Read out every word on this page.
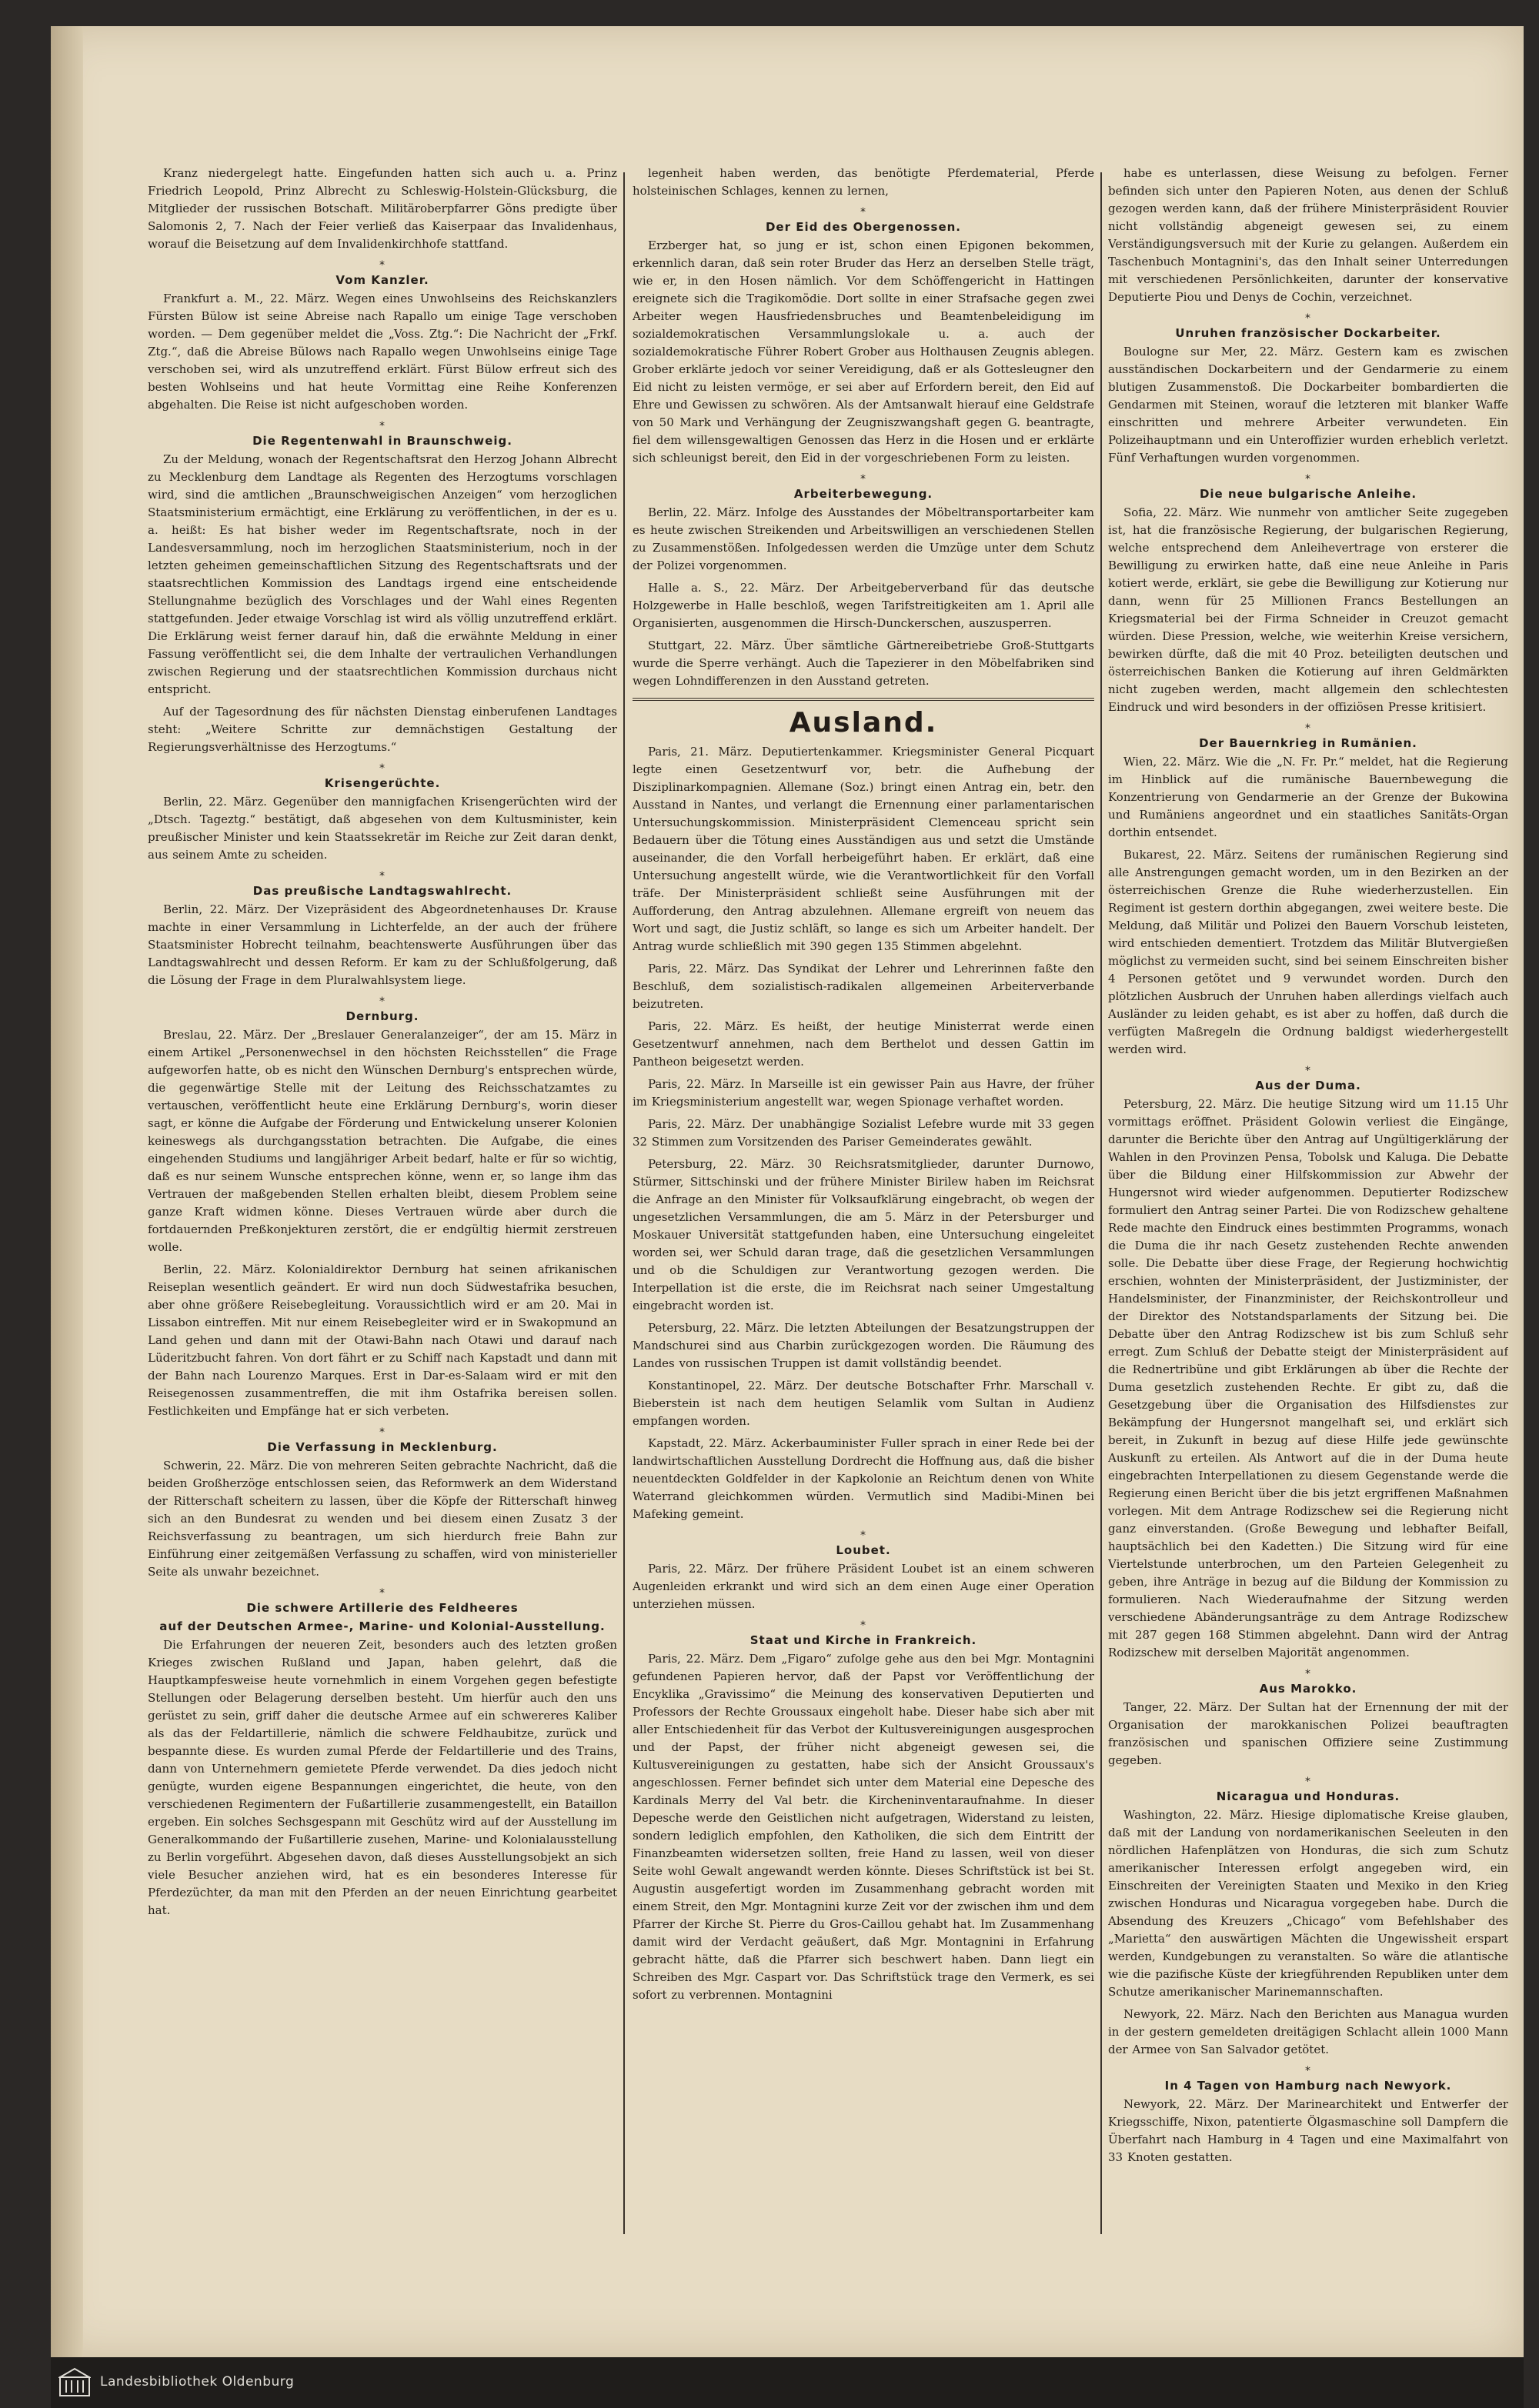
Kranz niedergelegt hatte. Eingefunden hatten sich auch u. a. Prinz Friedrich Leopold, Prinz Albrecht zu Schleswig-Holstein-Glücksburg, die Mitglieder der russischen Botschaft. Militäroberpfarrer Göns predigte über Salomonis 2, 7. Nach der Feier verließ das Kaiserpaar das Invalidenhaus, worauf die Beisetzung auf dem Invalidenkirchhofe stattfand.

*
Vom Kanzler.

Frankfurt a. M., 22. März. Wegen eines Unwohlseins des Reichskanzlers Fürsten Bülow ist seine Abreise nach Rapallo um einige Tage verschoben worden. — Dem gegenüber meldet die „Voss. Ztg.“: Die Nachricht der „Frkf. Ztg.“, daß die Abreise Bülows nach Rapallo wegen Unwohlseins einige Tage verschoben sei, wird als unzutreffend erklärt. Fürst Bülow erfreut sich des besten Wohlseins und hat heute Vormittag eine Reihe Konferenzen abgehalten. Die Reise ist nicht aufgeschoben worden.

*
Die Regentenwahl in Braunschweig.

Zu der Meldung, wonach der Regentschaftsrat den Herzog Johann Albrecht zu Mecklenburg dem Landtage als Regenten des Herzogtums vorschlagen wird, sind die amtlichen „Braunschweigischen Anzeigen“ vom herzoglichen Staatsministerium ermächtigt, eine Erklärung zu veröffentlichen, in der es u. a. heißt: Es hat bisher weder im Regentschaftsrate, noch in der Landesversammlung, noch im herzoglichen Staatsministerium, noch in der letzten geheimen gemeinschaftlichen Sitzung des Regentschaftsrats und der staatsrechtlichen Kommission des Landtags irgend eine entscheidende Stellungnahme bezüglich des Vorschlages und der Wahl eines Regenten stattgefunden. Jeder etwaige Vorschlag ist wird als völlig unzutreffend erklärt. Die Erklärung weist ferner darauf hin, daß die erwähnte Meldung in einer Fassung veröffentlicht sei, die dem Inhalte der vertraulichen Verhandlungen zwischen Regierung und der staatsrechtlichen Kommission durchaus nicht entspricht.

Auf der Tagesordnung des für nächsten Dienstag einberufenen Landtages steht: „Weitere Schritte zur demnächstigen Gestaltung der Regierungsverhältnisse des Herzogtums.“

*
Krisengerüchte.

Berlin, 22. März. Gegenüber den mannigfachen Krisengerüchten wird der „Dtsch. Tageztg.“ bestätigt, daß abgesehen von dem Kultusminister, kein preußischer Minister und kein Staatssekretär im Reiche zur Zeit daran denkt, aus seinem Amte zu scheiden.

*
Das preußische Landtagswahlrecht.

Berlin, 22. März. Der Vizepräsident des Abgeordnetenhauses Dr. Krause machte in einer Versammlung in Lichterfelde, an der auch der frühere Staatsminister Hobrecht teilnahm, beachtenswerte Ausführungen über das Landtagswahlrecht und dessen Reform. Er kam zu der Schlußfolgerung, daß die Lösung der Frage in dem Pluralwahlsystem liege.

*
Dernburg.

Breslau, 22. März. Der „Breslauer Generalanzeiger“, der am 15. März in einem Artikel „Personenwechsel in den höchsten Reichsstellen“ die Frage aufgeworfen hatte, ob es nicht den Wünschen Dernburg's entsprechen würde, die gegenwärtige Stelle mit der Leitung des Reichsschatzamtes zu vertauschen, veröffentlicht heute eine Erklärung Dernburg's, worin dieser sagt, er könne die Aufgabe der Förderung und Entwickelung unserer Kolonien keineswegs als durchgangsstation betrachten. Die Aufgabe, die eines eingehenden Studiums und langjähriger Arbeit bedarf, halte er für so wichtig, daß es nur seinem Wunsche entsprechen könne, wenn er, so lange ihm das Vertrauen der maßgebenden Stellen erhalten bleibt, diesem Problem seine ganze Kraft widmen könne. Dieses Vertrauen würde aber durch die fortdauernden Preßkonjekturen zerstört, die er endgültig hiermit zerstreuen wolle.

Berlin, 22. März. Kolonialdirektor Dernburg hat seinen afrikanischen Reiseplan wesentlich geändert. Er wird nun doch Südwestafrika besuchen, aber ohne größere Reisebegleitung. Voraussichtlich wird er am 20. Mai in Lissabon eintreffen. Mit nur einem Reisebegleiter wird er in Swakopmund an Land gehen und dann mit der Otawi-Bahn nach Otawi und darauf nach Lüderitzbucht fahren. Von dort fährt er zu Schiff nach Kapstadt und dann mit der Bahn nach Lourenzo Marques. Erst in Dar-es-Salaam wird er mit den Reisegenossen zusammentreffen, die mit ihm Ostafrika bereisen sollen. Festlichkeiten und Empfänge hat er sich verbeten.

*
Die Verfassung in Mecklenburg.

Schwerin, 22. März. Die von mehreren Seiten gebrachte Nachricht, daß die beiden Großherzöge entschlossen seien, das Reformwerk an dem Widerstand der Ritterschaft scheitern zu lassen, über die Köpfe der Ritterschaft hinweg sich an den Bundesrat zu wenden und bei diesem einen Zusatz 3 der Reichsverfassung zu beantragen, um sich hierdurch freie Bahn zur Einführung einer zeitgemäßen Verfassung zu schaffen, wird von ministerieller Seite als unwahr bezeichnet.

*
Die schwere Artillerie des Feldheeres
auf der Deutschen Armee-, Marine- und Kolonial-Ausstellung.

Die Erfahrungen der neueren Zeit, besonders auch des letzten großen Krieges zwischen Rußland und Japan, haben gelehrt, daß die Hauptkampfesweise heute vornehmlich in einem Vorgehen gegen befestigte Stellungen oder Belagerung derselben besteht. Um hierfür auch den uns gerüstet zu sein, griff daher die deutsche Armee auf ein schwereres Kaliber als das der Feldartillerie, nämlich die schwere Feldhaubitze, zurück und bespannte diese. Es wurden zumal Pferde der Feldartillerie und des Trains, dann von Unternehmern gemietete Pferde verwendet. Da dies jedoch nicht genügte, wurden eigene Bespannungen eingerichtet, die heute, von den verschiedenen Regimentern der Fußartillerie zusammengestellt, ein Bataillon ergeben. Ein solches Sechsgespann mit Geschütz wird auf der Ausstellung im Generalkommando der Fußartillerie zusehen, Marine- und Kolonialausstellung zu Berlin vorgeführt. Abgesehen davon, daß dieses Ausstellungsobjekt an sich viele Besucher anziehen wird, hat es ein besonderes Interesse für Pferdezüchter, da man mit den Pferden an der neuen Einrichtung gearbeitet hat.

legenheit haben werden, das benötigte Pferdematerial, Pferde holsteinischen Schlages, kennen zu lernen,

*
Der Eid des Obergenossen.

Erzberger hat, so jung er ist, schon einen Epigonen bekommen, erkennlich daran, daß sein roter Bruder das Herz an derselben Stelle trägt, wie er, in den Hosen nämlich. Vor dem Schöffengericht in Hattingen ereignete sich die Tragikomödie. Dort sollte in einer Strafsache gegen zwei Arbeiter wegen Hausfriedensbruches und Beamtenbeleidigung im sozialdemokratischen Versammlungslokale u. a. auch der sozialdemokratische Führer Robert Grober aus Holthausen Zeugnis ablegen. Grober erklärte jedoch vor seiner Vereidigung, daß er als Gottesleugner den Eid nicht zu leisten vermöge, er sei aber auf Erfordern bereit, den Eid auf Ehre und Gewissen zu schwören. Als der Amtsanwalt hierauf eine Geldstrafe von 50 Mark und Verhängung der Zeugniszwangshaft gegen G. beantragte, fiel dem willensgewaltigen Genossen das Herz in die Hosen und er erklärte sich schleunigst bereit, den Eid in der vorgeschriebenen Form zu leisten.

*
Arbeiterbewegung.

Berlin, 22. März. Infolge des Ausstandes der Möbeltransportarbeiter kam es heute zwischen Streikenden und Arbeitswilligen an verschiedenen Stellen zu Zusammenstößen. Infolgedessen werden die Umzüge unter dem Schutz der Polizei vorgenommen.

Halle a. S., 22. März. Der Arbeitgeberverband für das deutsche Holzgewerbe in Halle beschloß, wegen Tarifstreitigkeiten am 1. April alle Organisierten, ausgenommen die Hirsch-Dunckerschen, auszusperren.

Stuttgart, 22. März. Über sämtliche Gärtnereibetriebe Groß-Stuttgarts wurde die Sperre verhängt. Auch die Tapezierer in den Möbelfabriken sind wegen Lohndifferenzen in den Ausstand getreten.

Ausland.

Paris, 21. März. Deputiertenkammer. Kriegsminister General Picquart legte einen Gesetzentwurf vor, betr. die Aufhebung der Disziplinarkompagnien. Allemane (Soz.) bringt einen Antrag ein, betr. den Ausstand in Nantes, und verlangt die Ernennung einer parlamentarischen Untersuchungskommission. Ministerpräsident Clemenceau spricht sein Bedauern über die Tötung eines Ausständigen aus und setzt die Umstände auseinander, die den Vorfall herbeigeführt haben. Er erklärt, daß eine Untersuchung angestellt würde, wie die Verantwortlichkeit für den Vorfall träfe. Der Ministerpräsident schließt seine Ausführungen mit der Aufforderung, den Antrag abzulehnen. Allemane ergreift von neuem das Wort und sagt, die Justiz schläft, so lange es sich um Arbeiter handelt. Der Antrag wurde schließlich mit 390 gegen 135 Stimmen abgelehnt.

Paris, 22. März. Das Syndikat der Lehrer und Lehrerinnen faßte den Beschluß, dem sozialistisch-radikalen allgemeinen Arbeiterverbande beizutreten.

Paris, 22. März. Es heißt, der heutige Ministerrat werde einen Gesetzentwurf annehmen, nach dem Berthelot und dessen Gattin im Pantheon beigesetzt werden.

Paris, 22. März. In Marseille ist ein gewisser Pain aus Havre, der früher im Kriegsministerium angestellt war, wegen Spionage verhaftet worden.

Paris, 22. März. Der unabhängige Sozialist Lefebre wurde mit 33 gegen 32 Stimmen zum Vorsitzenden des Pariser Gemeinderates gewählt.

Petersburg, 22. März. 30 Reichsratsmitglieder, darunter Durnowo, Stürmer, Sittschinski und der frühere Minister Birilew haben im Reichsrat die Anfrage an den Minister für Volksaufklärung eingebracht, ob wegen der ungesetzlichen Versammlungen, die am 5. März in der Petersburger und Moskauer Universität stattgefunden haben, eine Untersuchung eingeleitet worden sei, wer Schuld daran trage, daß die gesetzlichen Versammlungen und ob die Schuldigen zur Verantwortung gezogen werden. Die Interpellation ist die erste, die im Reichsrat nach seiner Umgestaltung eingebracht worden ist.

Petersburg, 22. März. Die letzten Abteilungen der Besatzungstruppen der Mandschurei sind aus Charbin zurückgezogen worden. Die Räumung des Landes von russischen Truppen ist damit vollständig beendet.

Konstantinopel, 22. März. Der deutsche Botschafter Frhr. Marschall v. Bieberstein ist nach dem heutigen Selamlik vom Sultan in Audienz empfangen worden.

Kapstadt, 22. März. Ackerbauminister Fuller sprach in einer Rede bei der landwirtschaftlichen Ausstellung Dordrecht die Hoffnung aus, daß die bisher neuentdeckten Goldfelder in der Kapkolonie an Reichtum denen von White Waterrand gleichkommen würden. Vermutlich sind Madibi-Minen bei Mafeking gemeint.

*
Loubet.

Paris, 22. März. Der frühere Präsident Loubet ist an einem schweren Augenleiden erkrankt und wird sich an dem einen Auge einer Operation unterziehen müssen.

*
Staat und Kirche in Frankreich.

Paris, 22. März. Dem „Figaro“ zufolge gehe aus den bei Mgr. Montagnini gefundenen Papieren hervor, daß der Papst vor Veröffentlichung der Encyklika „Gravissimo“ die Meinung des konservativen Deputierten und Professors der Rechte Groussaux eingeholt habe. Dieser habe sich aber mit aller Entschiedenheit für das Verbot der Kultusvereinigungen ausgesprochen und der Papst, der früher nicht abgeneigt gewesen sei, die Kultusvereinigungen zu gestatten, habe sich der Ansicht Groussaux's angeschlossen. Ferner befindet sich unter dem Material eine Depesche des Kardinals Merry del Val betr. die Kircheninventaraufnahme. In dieser Depesche werde den Geistlichen nicht aufgetragen, Widerstand zu leisten, sondern lediglich empfohlen, den Katholiken, die sich dem Eintritt der Finanzbeamten widersetzen sollten, freie Hand zu lassen, weil von dieser Seite wohl Gewalt angewandt werden könnte. Dieses Schriftstück ist bei St. Augustin ausgefertigt worden im Zusammenhang gebracht worden mit einem Streit, den Mgr. Montagnini kurze Zeit vor der zwischen ihm und dem Pfarrer der Kirche St. Pierre du Gros-Caillou gehabt hat. Im Zusammenhang damit wird der Verdacht geäußert, daß Mgr. Montagnini in Erfahrung gebracht hätte, daß die Pfarrer sich beschwert haben. Dann liegt ein Schreiben des Mgr. Caspart vor. Das Schriftstück trage den Vermerk, es sei sofort zu verbrennen. Montagnini

habe es unterlassen, diese Weisung zu befolgen. Ferner befinden sich unter den Papieren Noten, aus denen der Schluß gezogen werden kann, daß der frühere Ministerpräsident Rouvier nicht vollständig abgeneigt gewesen sei, zu einem Verständigungsversuch mit der Kurie zu gelangen. Außerdem ein Taschenbuch Montagnini's, das den Inhalt seiner Unterredungen mit verschiedenen Persönlichkeiten, darunter der konservative Deputierte Piou und Denys de Cochin, verzeichnet.

*
Unruhen französischer Dockarbeiter.

Boulogne sur Mer, 22. März. Gestern kam es zwischen ausständischen Dockarbeitern und der Gendarmerie zu einem blutigen Zusammenstoß. Die Dockarbeiter bombardierten die Gendarmen mit Steinen, worauf die letzteren mit blanker Waffe einschritten und mehrere Arbeiter verwundeten. Ein Polizeihauptmann und ein Unteroffizier wurden erheblich verletzt. Fünf Verhaftungen wurden vorgenommen.

*
Die neue bulgarische Anleihe.

Sofia, 22. März. Wie nunmehr von amtlicher Seite zugegeben ist, hat die französische Regierung, der bulgarischen Regierung, welche entsprechend dem Anleihevertrage von ersterer die Bewilligung zu erwirken hatte, daß eine neue Anleihe in Paris kotiert werde, erklärt, sie gebe die Bewilligung zur Kotierung nur dann, wenn für 25 Millionen Francs Bestellungen an Kriegsmaterial bei der Firma Schneider in Creuzot gemacht würden. Diese Pression, welche, wie weiterhin Kreise versichern, bewirken dürfte, daß die mit 40 Proz. beteiligten deutschen und österreichischen Banken die Kotierung auf ihren Geldmärkten nicht zugeben werden, macht allgemein den schlechtesten Eindruck und wird besonders in der offiziösen Presse kritisiert.

*
Der Bauernkrieg in Rumänien.

Wien, 22. März. Wie die „N. Fr. Pr.“ meldet, hat die Regierung im Hinblick auf die rumänische Bauernbewegung die Konzentrierung von Gendarmerie an der Grenze der Bukowina und Rumäniens angeordnet und ein staatliches Sanitäts-Organ dorthin entsendet.

Bukarest, 22. März. Seitens der rumänischen Regierung sind alle Anstrengungen gemacht worden, um in den Bezirken an der österreichischen Grenze die Ruhe wiederherzustellen. Ein Regiment ist gestern dorthin abgegangen, zwei weitere beste. Die Meldung, daß Militär und Polizei den Bauern Vorschub leisteten, wird entschieden dementiert. Trotzdem das Militär Blutvergießen möglichst zu vermeiden sucht, sind bei seinem Einschreiten bisher 4 Personen getötet und 9 verwundet worden. Durch den plötzlichen Ausbruch der Unruhen haben allerdings vielfach auch Ausländer zu leiden gehabt, es ist aber zu hoffen, daß durch die verfügten Maßregeln die Ordnung baldigst wiederhergestellt werden wird.

*
Aus der Duma.

Petersburg, 22. März. Die heutige Sitzung wird um 11.15 Uhr vormittags eröffnet. Präsident Golowin verliest die Eingänge, darunter die Berichte über den Antrag auf Ungültigerklärung der Wahlen in den Provinzen Pensa, Tobolsk und Kaluga. Die Debatte über die Bildung einer Hilfskommission zur Abwehr der Hungersnot wird wieder aufgenommen. Deputierter Rodizschew formuliert den Antrag seiner Partei. Die von Rodizschew gehaltene Rede machte den Eindruck eines bestimmten Programms, wonach die Duma die ihr nach Gesetz zustehenden Rechte anwenden solle. Die Debatte über diese Frage, der Regierung hochwichtig erschien, wohnten der Ministerpräsident, der Justizminister, der Handelsminister, der Finanzminister, der Reichskontrolleur und der Direktor des Notstandsparlaments der Sitzung bei. Die Debatte über den Antrag Rodizschew ist bis zum Schluß sehr erregt. Zum Schluß der Debatte steigt der Ministerpräsident auf die Rednertribüne und gibt Erklärungen ab über die Rechte der Duma gesetzlich zustehenden Rechte. Er gibt zu, daß die Gesetzgebung über die Organisation des Hilfsdienstes zur Bekämpfung der Hungersnot mangelhaft sei, und erklärt sich bereit, in Zukunft in bezug auf diese Hilfe jede gewünschte Auskunft zu erteilen. Als Antwort auf die in der Duma heute eingebrachten Interpellationen zu diesem Gegenstande werde die Regierung einen Bericht über die bis jetzt ergriffenen Maßnahmen vorlegen. Mit dem Antrage Rodizschew sei die Regierung nicht ganz einverstanden. (Große Bewegung und lebhafter Beifall, hauptsächlich bei den Kadetten.) Die Sitzung wird für eine Viertelstunde unterbrochen, um den Parteien Gelegenheit zu geben, ihre Anträge in bezug auf die Bildung der Kommission zu formulieren. Nach Wiederaufnahme der Sitzung werden verschiedene Abänderungsanträge zu dem Antrage Rodizschew mit 287 gegen 168 Stimmen abgelehnt. Dann wird der Antrag Rodizschew mit derselben Majorität angenommen.

*
Aus Marokko.

Tanger, 22. März. Der Sultan hat der Ernennung der mit der Organisation der marokkanischen Polizei beauftragten französischen und spanischen Offiziere seine Zustimmung gegeben.

*
Nicaragua und Honduras.

Washington, 22. März. Hiesige diplomatische Kreise glauben, daß mit der Landung von nordamerikanischen Seeleuten in den nördlichen Hafenplätzen von Honduras, die sich zum Schutz amerikanischer Interessen erfolgt angegeben wird, ein Einschreiten der Vereinigten Staaten und Mexiko in den Krieg zwischen Honduras und Nicaragua vorgegeben habe. Durch die Absendung des Kreuzers „Chicago“ vom Befehlshaber des „Marietta“ den auswärtigen Mächten die Ungewissheit erspart werden, Kundgebungen zu veranstalten. So wäre die atlantische wie die pazifische Küste der kriegführenden Republiken unter dem Schutze amerikanischer Marinemannschaften.

Newyork, 22. März. Nach den Berichten aus Managua wurden in der gestern gemeldeten dreitägigen Schlacht allein 1000 Mann der Armee von San Salvador getötet.

*
In 4 Tagen von Hamburg nach Newyork.

Newyork, 22. März. Der Marinearchitekt und Entwerfer der Kriegsschiffe, Nixon, patentierte Ölgasmaschine soll Dampfern die Überfahrt nach Hamburg in 4 Tagen und eine Maximalfahrt von 33 Knoten gestatten.

Landesbibliothek Oldenburg
